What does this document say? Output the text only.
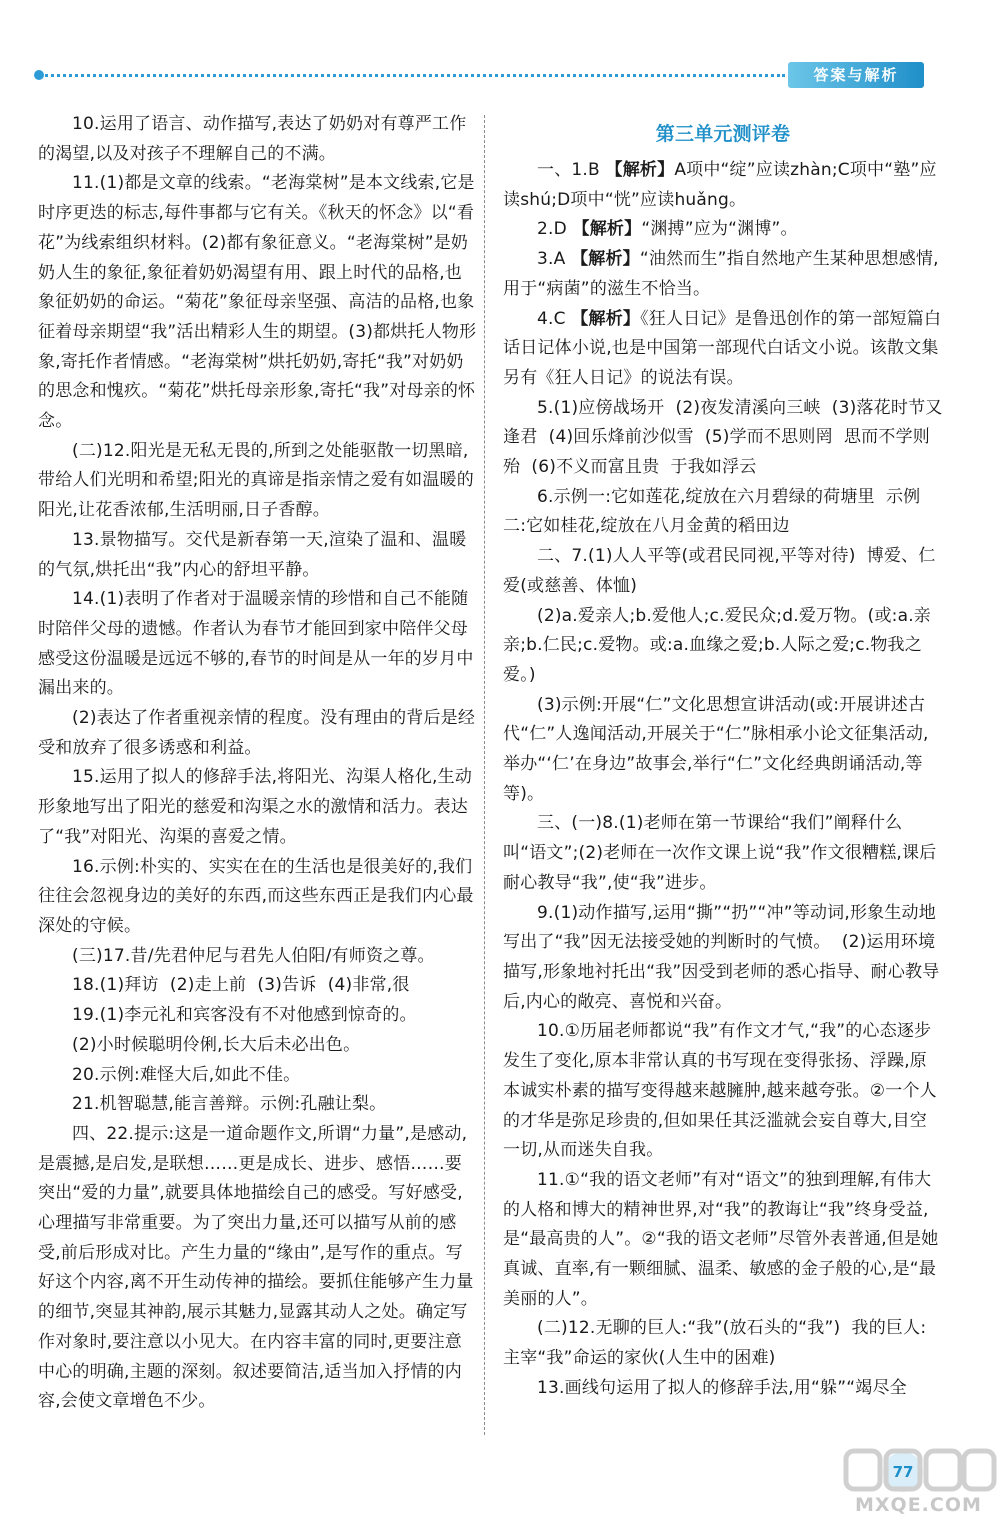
答案与解析

10.运用了语言、动作描写,表达了奶奶对有尊严工作的渴望,以及对孩子不理解自己的不满。

11.(1)都是文章的线索。“老海棠树”是本文线索,它是时序更迭的标志,每件事都与它有关。《秋天的怀念》以“看花”为线索组织材料。(2)都有象征意义。“老海棠树”是奶奶人生的象征,象征着奶奶渴望有用、跟上时代的品格,也象征奶奶的命运。“菊花”象征母亲坚强、高洁的品格,也象征着母亲期望“我”活出精彩人生的期望。(3)都烘托人物形象,寄托作者情感。“老海棠树”烘托奶奶,寄托“我”对奶奶的思念和愧疚。“菊花”烘托母亲形象,寄托“我”对母亲的怀念。

(二)12.阳光是无私无畏的,所到之处能驱散一切黑暗,带给人们光明和希望;阳光的真谛是指亲情之爱有如温暖的阳光,让花香浓郁,生活明丽,日子香醇。

13.景物描写。交代是新春第一天,渲染了温和、温暖的气氛,烘托出“我”内心的舒坦平静。

14.(1)表明了作者对于温暖亲情的珍惜和自己不能随时陪伴父母的遗憾。作者认为春节才能回到家中陪伴父母感受这份温暖是远远不够的,春节的时间是从一年的岁月中漏出来的。

(2)表达了作者重视亲情的程度。没有理由的背后是经受和放弃了很多诱惑和利益。

15.运用了拟人的修辞手法,将阳光、沟渠人格化,生动形象地写出了阳光的慈爱和沟渠之水的激情和活力。表达了“我”对阳光、沟渠的喜爱之情。

16.示例:朴实的、实实在在的生活也是很美好的,我们往往会忽视身边的美好的东西,而这些东西正是我们内心最深处的守候。

(三)17.昔/先君仲尼与君先人伯阳/有师资之尊。

18.(1)拜访  (2)走上前  (3)告诉  (4)非常,很

19.(1)李元礼和宾客没有不对他感到惊奇的。

(2)小时候聪明伶俐,长大后未必出色。

20.示例:难怪大后,如此不佳。

21.机智聪慧,能言善辩。示例:孔融让梨。

四、22.提示:这是一道命题作文,所谓“力量”,是感动,是震撼,是启发,是联想……更是成长、进步、感悟……要突出“爱的力量”,就要具体地描绘自己的感受。写好感受,心理描写非常重要。为了突出力量,还可以描写从前的感受,前后形成对比。产生力量的“缘由”,是写作的重点。写好这个内容,离不开生动传神的描绘。要抓住能够产生力量的细节,突显其神韵,展示其魅力,显露其动人之处。确定写作对象时,要注意以小见大。在内容丰富的同时,更要注意中心的明确,主题的深刻。叙述要简洁,适当加入抒情的内容,会使文章增色不少。

第三单元测评卷

一、1.B 【解析】A项中“绽”应读zhàn;C项中“塾”应读shú;D项中“恍”应读huǎng。

2.D 【解析】“渊搏”应为“渊博”。

3.A 【解析】“油然而生”指自然地产生某种思想感情,用于“病菌”的滋生不恰当。

4.C 【解析】《狂人日记》是鲁迅创作的第一部短篇白话日记体小说,也是中国第一部现代白话文小说。该散文集另有《狂人日记》的说法有误。

5.(1)应傍战场开  (2)夜发清溪向三峡  (3)落花时节又逢君  (4)回乐烽前沙似雪  (5)学而不思则罔  思而不学则殆  (6)不义而富且贵  于我如浮云

6.示例一:它如莲花,绽放在六月碧绿的荷塘里  示例二:它如桂花,绽放在八月金黄的稻田边

二、7.(1)人人平等(或君民同视,平等对待)  博爱、仁爱(或慈善、体恤)

(2)a.爱亲人;b.爱他人;c.爱民众;d.爱万物。(或:a.亲亲;b.仁民;c.爱物。或:a.血缘之爱;b.人际之爱;c.物我之爱。)

(3)示例:开展“仁”文化思想宣讲活动(或:开展讲述古代“仁”人逸闻活动,开展关于“仁”脉相承小论文征集活动,举办“‘仁’在身边”故事会,举行“仁”文化经典朗诵活动,等等)。

三、(一)8.(1)老师在第一节课给“我们”阐释什么叫“语文”;(2)老师在一次作文课上说“我”作文很糟糕,课后耐心教导“我”,使“我”进步。

9.(1)动作描写,运用“撕”“扔”“冲”等动词,形象生动地写出了“我”因无法接受她的判断时的气愤。  (2)运用环境描写,形象地衬托出“我”因受到老师的悉心指导、耐心教导后,内心的敞亮、喜悦和兴奋。

10.①历届老师都说“我”有作文才气,“我”的心态逐步发生了变化,原本非常认真的书写现在变得张扬、浮躁,原本诚实朴素的描写变得越来越臃肿,越来越夸张。②一个人的才华是弥足珍贵的,但如果任其泛滥就会妄自尊大,目空一切,从而迷失自我。

11.①“我的语文老师”有对“语文”的独到理解,有伟大的人格和博大的精神世界,对“我”的教诲让“我”终身受益,是“最高贵的人”。②“我的语文老师”尽管外表普通,但是她真诚、直率,有一颗细腻、温柔、敏感的金子般的心,是“最美丽的人”。

(二)12.无聊的巨人:“我”(放石头的“我”)  我的巨人:主宰“我”命运的家伙(人生中的困难)

13.画线句运用了拟人的修辞手法,用“躲”“竭尽全

77
MXQE.COM
